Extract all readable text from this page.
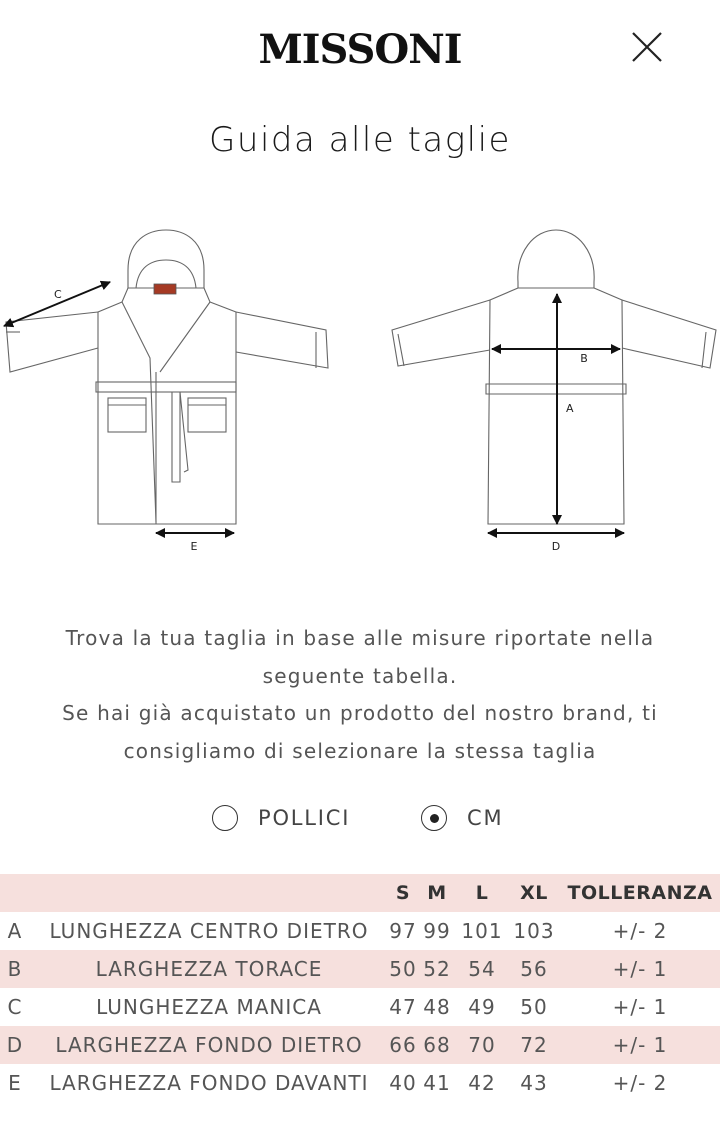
MISSONI
Guida alle taglie
C
E
A
B
D

Trova la tua taglia in base alle misure riportate nella seguente tabella.

Se hai già acquistato un prodotto del nostro brand, ti consigliamo di selezionare la stessa taglia

POLLICI	CM
		S	M	L	XL	TOLLERANZA
A	LUNGHEZZA CENTRO DIETRO	97	99	101	103	+/- 2
B	LARGHEZZA TORACE	50	52	54	56	+/- 1
C	LUNGHEZZA MANICA	47	48	49	50	+/- 1
D	LARGHEZZA FONDO DIETRO	66	68	70	72	+/- 1
E	LARGHEZZA FONDO DAVANTI	40	41	42	43	+/- 2
